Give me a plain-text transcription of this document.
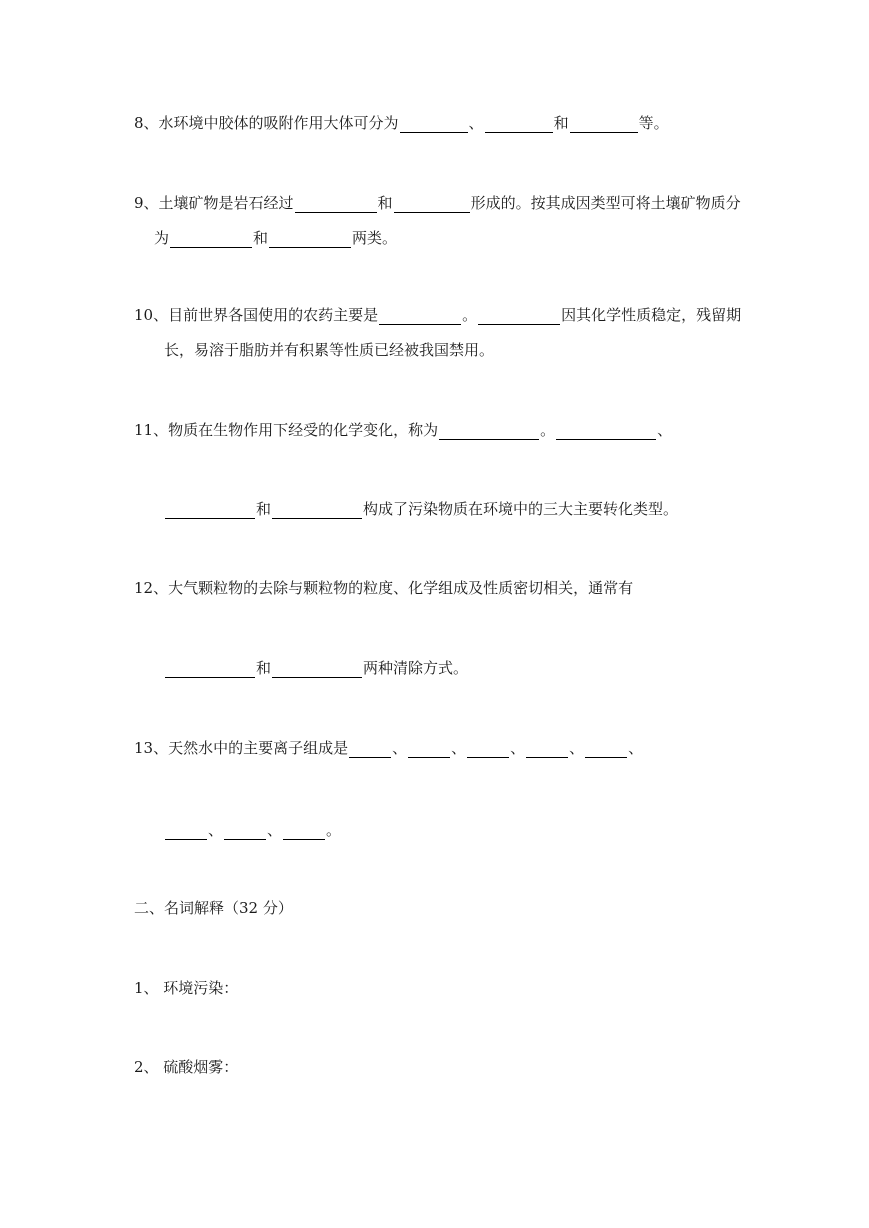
8、水环境中胶体的吸附作用大体可分为	、	和	等。
9、土壤矿物是岩石经过	和	形成的。按其成因类型可将土壤矿物质分
为	和	两类。
10、目前世界各国使用的农药主要是	。	因其化学性质稳定，残留期
长，易溶于脂肪并有积累等性质已经被我国禁用。
11、物质在生物作用下经受的化学变化，称为	。	、
和	构成了污染物质在环境中的三大主要转化类型。
12、大气颗粒物的去除与颗粒物的粒度、化学组成及性质密切相关，通常有
和	两种清除方式。
13、天然水中的主要离子组成是	、	、	、	、	、
、	、	。
二、名词解释（32 分）
1、 环境污染：
2、 硫酸烟雾：
